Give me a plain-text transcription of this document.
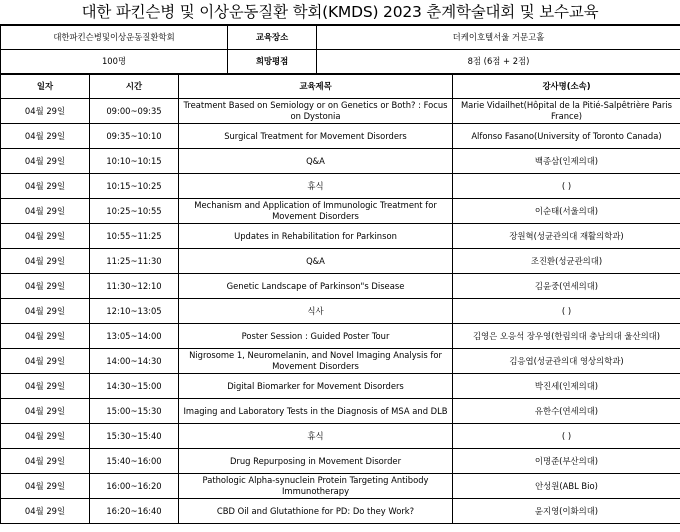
대한 파킨슨병 및 이상운동질환 학회(KMDS) 2023 춘계학술대회 및 보수교육
대한파킨슨병및이상운동질환학회	교육장소	더케이호텔서울 거문고홀
100명	희망평점	8점 (6점 + 2점)
일자	시간	교육제목	강사명(소속)
04월 29일	09:00~09:35	Treatment Based on Semiology or on Genetics or Both? : Focus on Dystonia	Marie Vidailhet(Hôpital de la Pitié-Salpêtrière Paris France)
04월 29일	09:35~10:10	Surgical Treatment for Movement Disorders	Alfonso Fasano(University of Toronto Canada)
04월 29일	10:10~10:15	Q&A	백종삼(인제의대)
04월 29일	10:15~10:25	휴식	( )
04월 29일	10:25~10:55	Mechanism and Application of Immunologic Treatment for Movement Disorders	이순태(서울의대)
04월 29일	10:55~11:25	Updates in Rehabilitation for Parkinson	장원혁(성균관의대 재활의학과)
04월 29일	11:25~11:30	Q&A	조진환(성균관의대)
04월 29일	11:30~12:10	Genetic Landscape of Parkinson"s Disease	김윤중(연세의대)
04월 29일	12:10~13:05	식사	( )
04월 29일	13:05~14:00	Poster Session : Guided Poster Tour	김영은 오응석 장우영(한림의대 충남의대 울산의대)
04월 29일	14:00~14:30	Nigrosome 1, Neuromelanin, and Novel Imaging Analysis for Movement Disorders	김응엽(성균관의대 영상의학과)
04월 29일	14:30~15:00	Digital Biomarker for Movement Disorders	박진세(인제의대)
04월 29일	15:00~15:30	Imaging and Laboratory Tests in the Diagnosis of MSA and DLB	유한수(연세의대)
04월 29일	15:30~15:40	휴식	( )
04월 29일	15:40~16:00	Drug Repurposing in Movement Disorder	이명준(부산의대)
04월 29일	16:00~16:20	Pathologic Alpha-synuclein Protein Targeting Antibody Immunotherapy	안성원(ABL Bio)
04월 29일	16:20~16:40	CBD Oil and Glutathione for PD: Do they Work?	윤지영(이화의대)
